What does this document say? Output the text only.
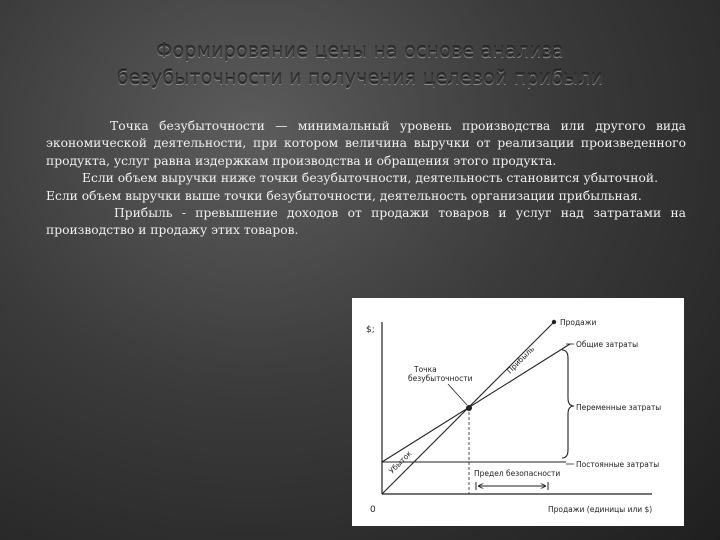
Формирование цены на основе анализа
безубыточности и получения целевой прибыли

Точка безубыточности — минимальный уровень производства или другого вида экономической деятельности, при котором величина выручки от реализации произведенного продукта, услуг равна издержкам производства и обращения этого продукта.

Если объем выручки ниже точки безубыточности, деятельность становится убыточной.

Если объем выручки выше точки безубыточности, деятельность организации прибыльная.

Прибыль - превышение доходов от продажи товаров и услуг над затратами на производство и продажу этих товаров.

$;
0	Продажи (единицы или $)
Продажи
Общие затраты
Переменные затраты
Постоянные затраты
Точка
безубыточности
Прибыль
Убыток	Предел безопасности
